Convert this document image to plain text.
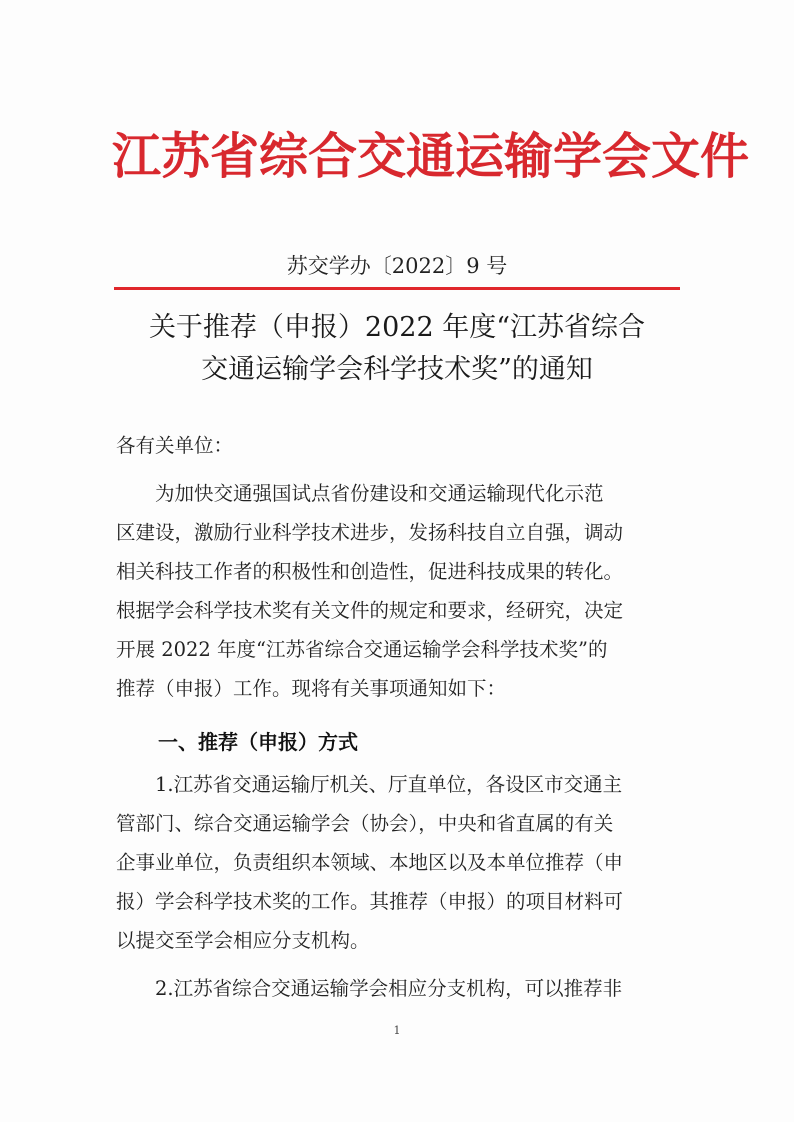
江苏省综合交通运输学会文件
苏交学办〔2022〕9 号
关于推荐（申报）2022 年度“江苏省综合
交通运输学会科学技术奖”的通知
各有关单位：
　　为加快交通强国试点省份建设和交通运输现代化示范
区建设，激励行业科学技术进步，发扬科技自立自强，调动
相关科技工作者的积极性和创造性，促进科技成果的转化。
根据学会科学技术奖有关文件的规定和要求，经研究，决定
开展 2022 年度“江苏省综合交通运输学会科学技术奖”的
推荐（申报）工作。现将有关事项通知如下：
一、推荐（申报）方式
　　1.江苏省交通运输厅机关、厅直单位，各设区市交通主
管部门、综合交通运输学会（协会），中央和省直属的有关
企事业单位，负责组织本领域、本地区以及本单位推荐（申
报）学会科学技术奖的工作。其推荐（申报）的项目材料可
以提交至学会相应分支机构。
　　2.江苏省综合交通运输学会相应分支机构，可以推荐非
1
